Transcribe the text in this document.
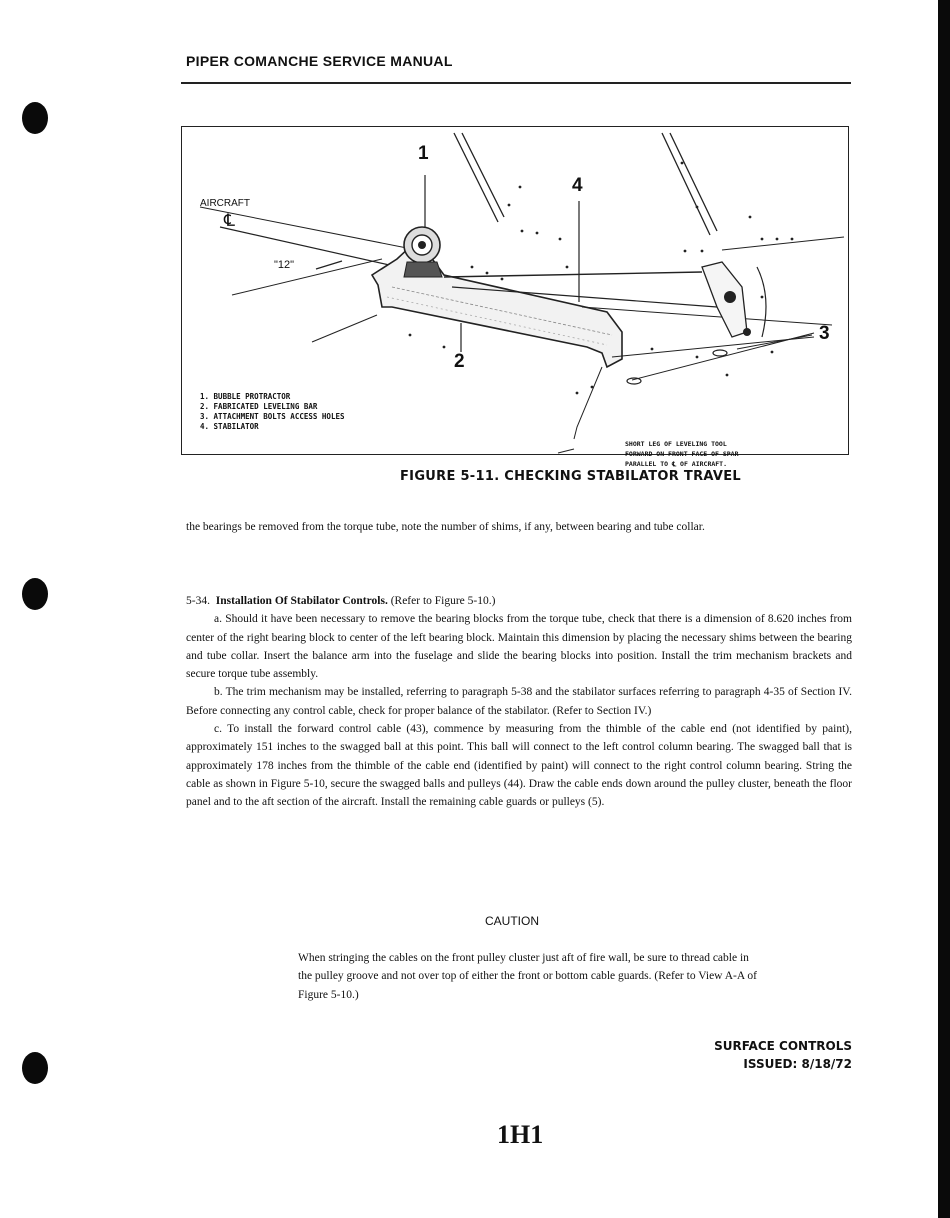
PIPER COMANCHE SERVICE MANUAL
AIRCRAFT
℄
"12"
1
2
3
4
1. BUBBLE PROTRACTOR
2. FABRICATED LEVELING BAR
3. ATTACHMENT BOLTS ACCESS HOLES
4. STABILATOR
SHORT LEG OF LEVELING TOOL
FORWARD ON FRONT FACE OF SPAR
PARALLEL TO ℄ OF AIRCRAFT.
FIGURE 5-11. CHECKING STABILATOR TRAVEL

the bearings be removed from the torque tube, note the number of shims, if any, between bearing and tube collar.

5-34. Installation Of Stabilator Controls. (Refer to Figure 5-10.)

a. Should it have been necessary to remove the bearing blocks from the torque tube, check that there is a dimension of 8.620 inches from center of the right bearing block to center of the left bearing block. Maintain this dimension by placing the necessary shims between the bearing and tube collar. Insert the balance arm into the fuselage and slide the bearing blocks into position. Install the trim mechanism brackets and secure torque tube assembly.

b. The trim mechanism may be installed, referring to paragraph 5-38 and the stabilator surfaces referring to paragraph 4-35 of Section IV. Before connecting any control cable, check for proper balance of the stabilator. (Refer to Section IV.)

c. To install the forward control cable (43), commence by measuring from the thimble of the cable end (not identified by paint), approximately 151 inches to the swagged ball at this point. This ball will connect to the left control column bearing. The swagged ball that is approximately 178 inches from the thimble of the cable end (identified by paint) will connect to the right control column bearing. String the cable as shown in Figure 5-10, secure the swagged balls and pulleys (44). Draw the cable ends down around the pulley cluster, beneath the floor panel and to the aft section of the aircraft. Install the remaining cable guards or pulleys (5).

CAUTION
When stringing the cables on the front pulley cluster just aft of fire wall, be sure to thread cable in the pulley groove and not over top of either the front or bottom cable guards. (Refer to View A-A of Figure 5-10.)
SURFACE CONTROLS
ISSUED: 8/18/72
1H1
